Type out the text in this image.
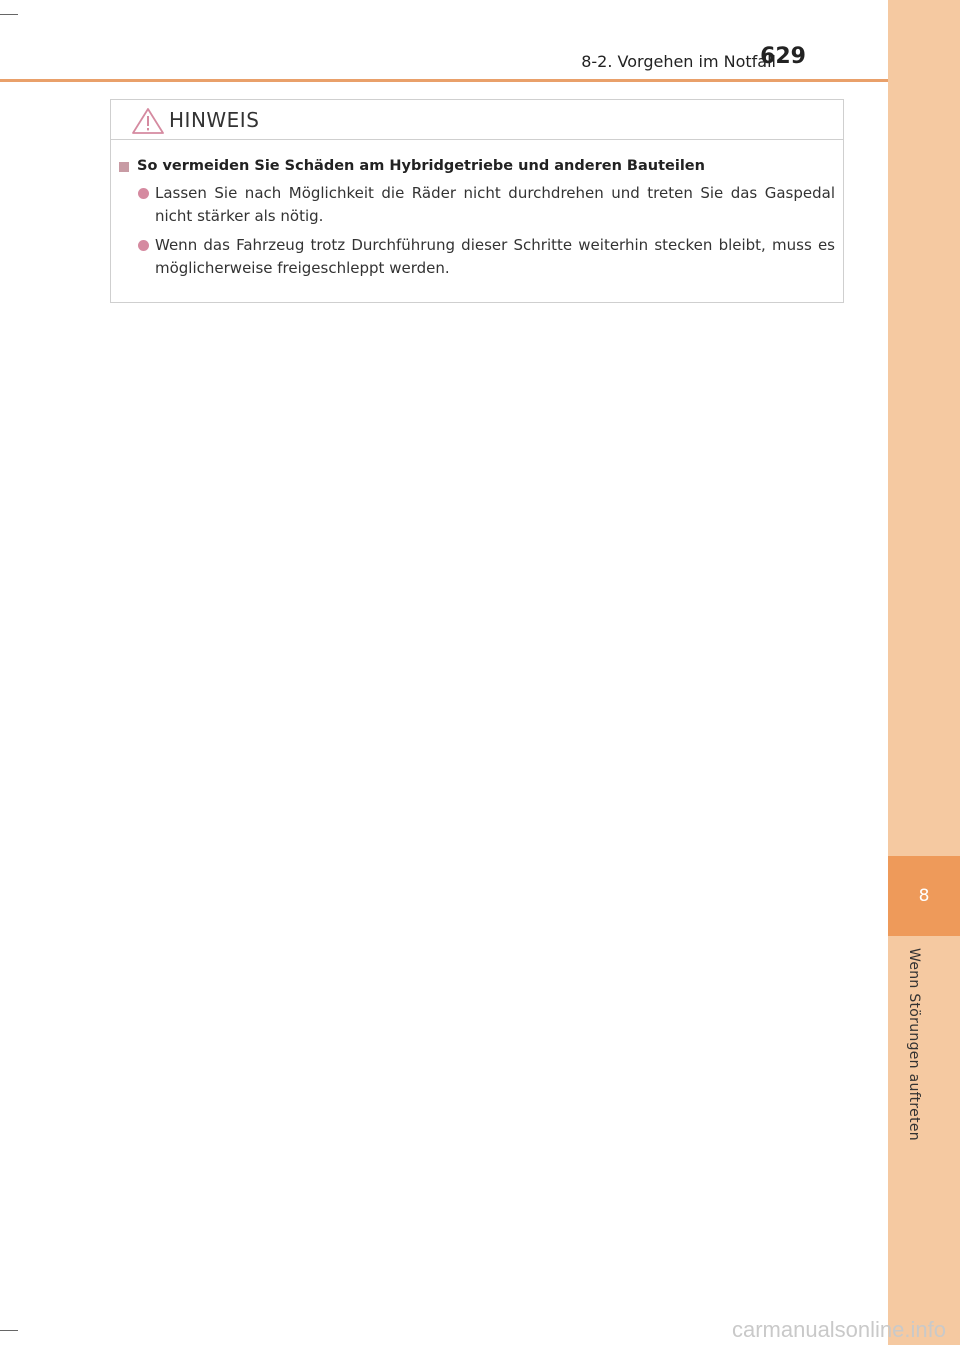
8
Wenn Störungen auftreten
8-2. Vorgehen im Notfall
629
HINWEIS
So vermeiden Sie Schäden am Hybridgetriebe und anderen Bauteilen
Lassen Sie nach Möglichkeit die Räder nicht durchdrehen und treten Sie das Gaspedal nicht stärker als nötig.
Wenn das Fahrzeug trotz Durchführung dieser Schritte weiterhin stecken bleibt, muss es möglicherweise freigeschleppt werden.
carmanualsonline.info
